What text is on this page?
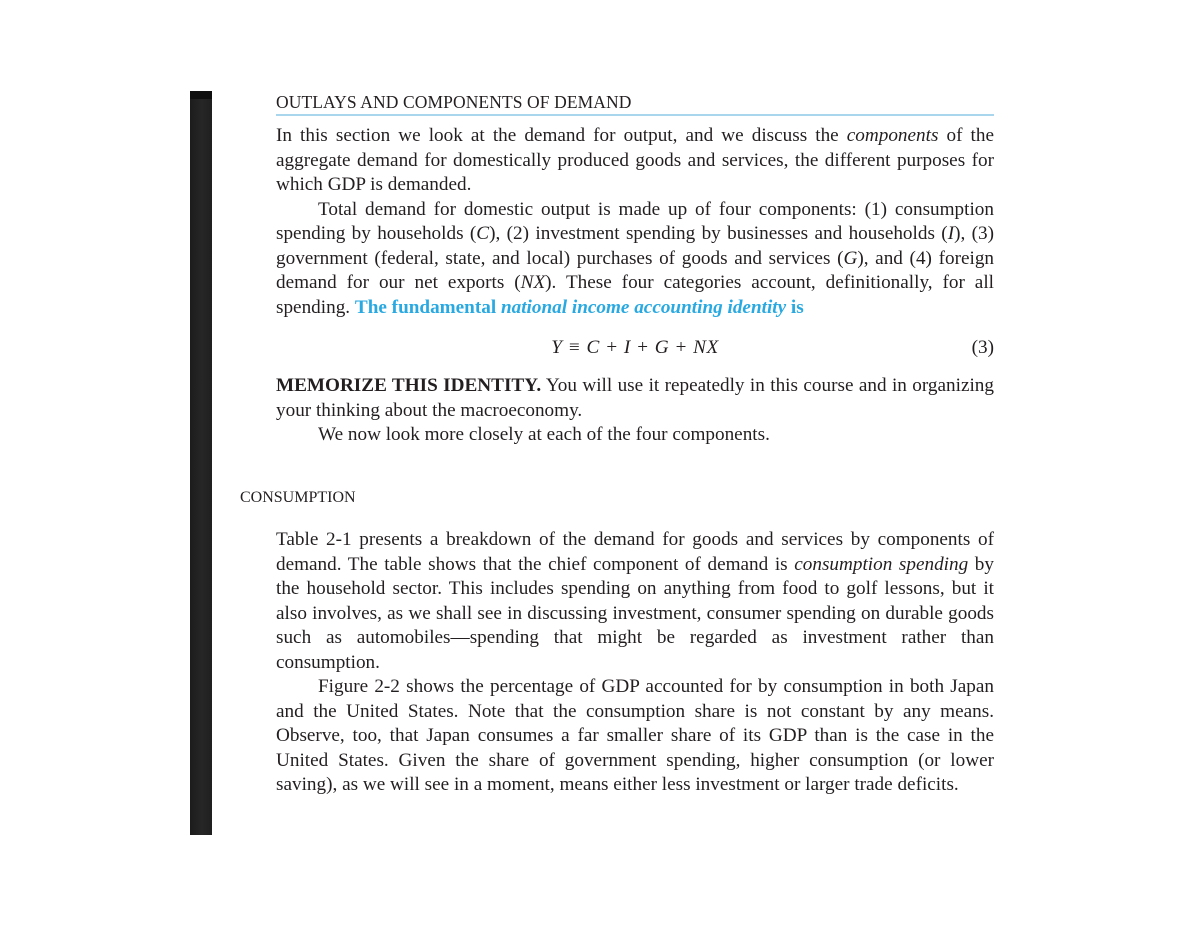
OUTLAYS AND COMPONENTS OF DEMAND

In this section we look at the demand for output, and we discuss the components of the aggregate demand for domestically produced goods and services, the different purposes for which GDP is demanded.

Total demand for domestic output is made up of four components: (1) consumption spending by households (C), (2) investment spending by businesses and households (I), (3) government (federal, state, and local) purchases of goods and services (G), and (4) foreign demand for our net exports (NX). These four categories account, definitionally, for all spending. The fundamental national income accounting identity is

Y ≡ C + I + G + NX	(3)

MEMORIZE THIS IDENTITY. You will use it repeatedly in this course and in organizing your thinking about the macroeconomy.

We now look more closely at each of the four components.

CONSUMPTION

Table 2-1 presents a breakdown of the demand for goods and services by components of demand. The table shows that the chief component of demand is consumption spending by the household sector. This includes spending on anything from food to golf lessons, but it also involves, as we shall see in discussing investment, consumer spending on durable goods such as automobiles—spending that might be regarded as investment rather than consumption.

Figure 2-2 shows the percentage of GDP accounted for by consumption in both Japan and the United States. Note that the consumption share is not constant by any means. Observe, too, that Japan consumes a far smaller share of its GDP than is the case in the United States. Given the share of government spending, higher consumption (or lower saving), as we will see in a moment, means either less investment or larger trade deficits.
